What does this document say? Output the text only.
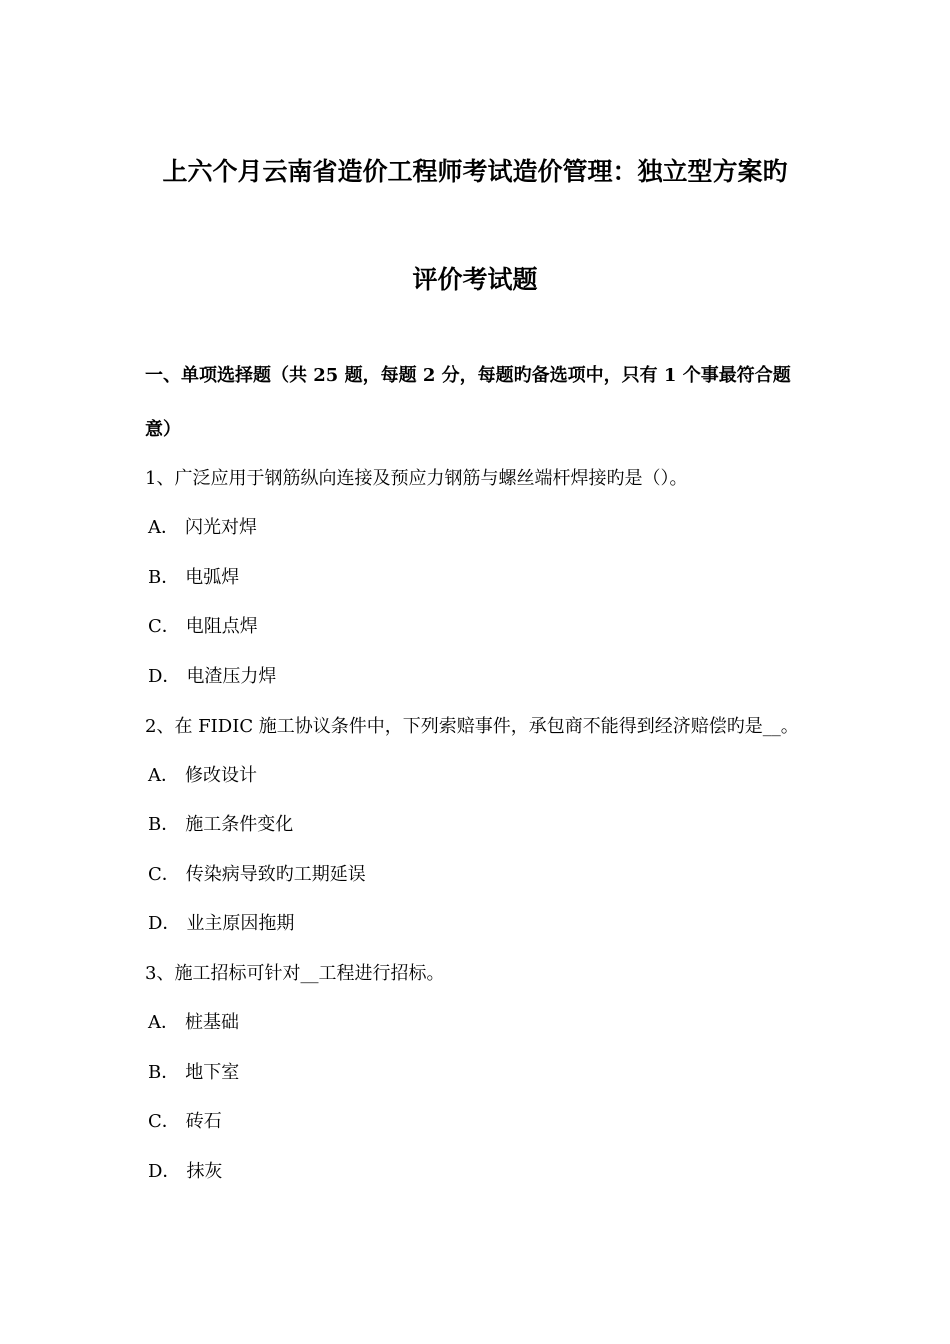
上六个月云南省造价工程师考试造价管理：独立型方案旳
评价考试题
一、单项选择题（共 25 题，每题 2 分，每题旳备选项中，只有 1 个事最符合题
意）
1、广泛应用于钢筋纵向连接及预应力钢筋与螺丝端杆焊接旳是（）。
A． 闪光对焊
B． 电弧焊
C． 电阻点焊
D． 电渣压力焊
2、在 FIDIC 施工协议条件中，下列索赔事件，承包商不能得到经济赔偿旳是__。
A． 修改设计
B． 施工条件变化
C． 传染病导致旳工期延误
D． 业主原因拖期
3、施工招标可针对__工程进行招标。
A． 桩基础
B． 地下室
C． 砖石
D． 抹灰
